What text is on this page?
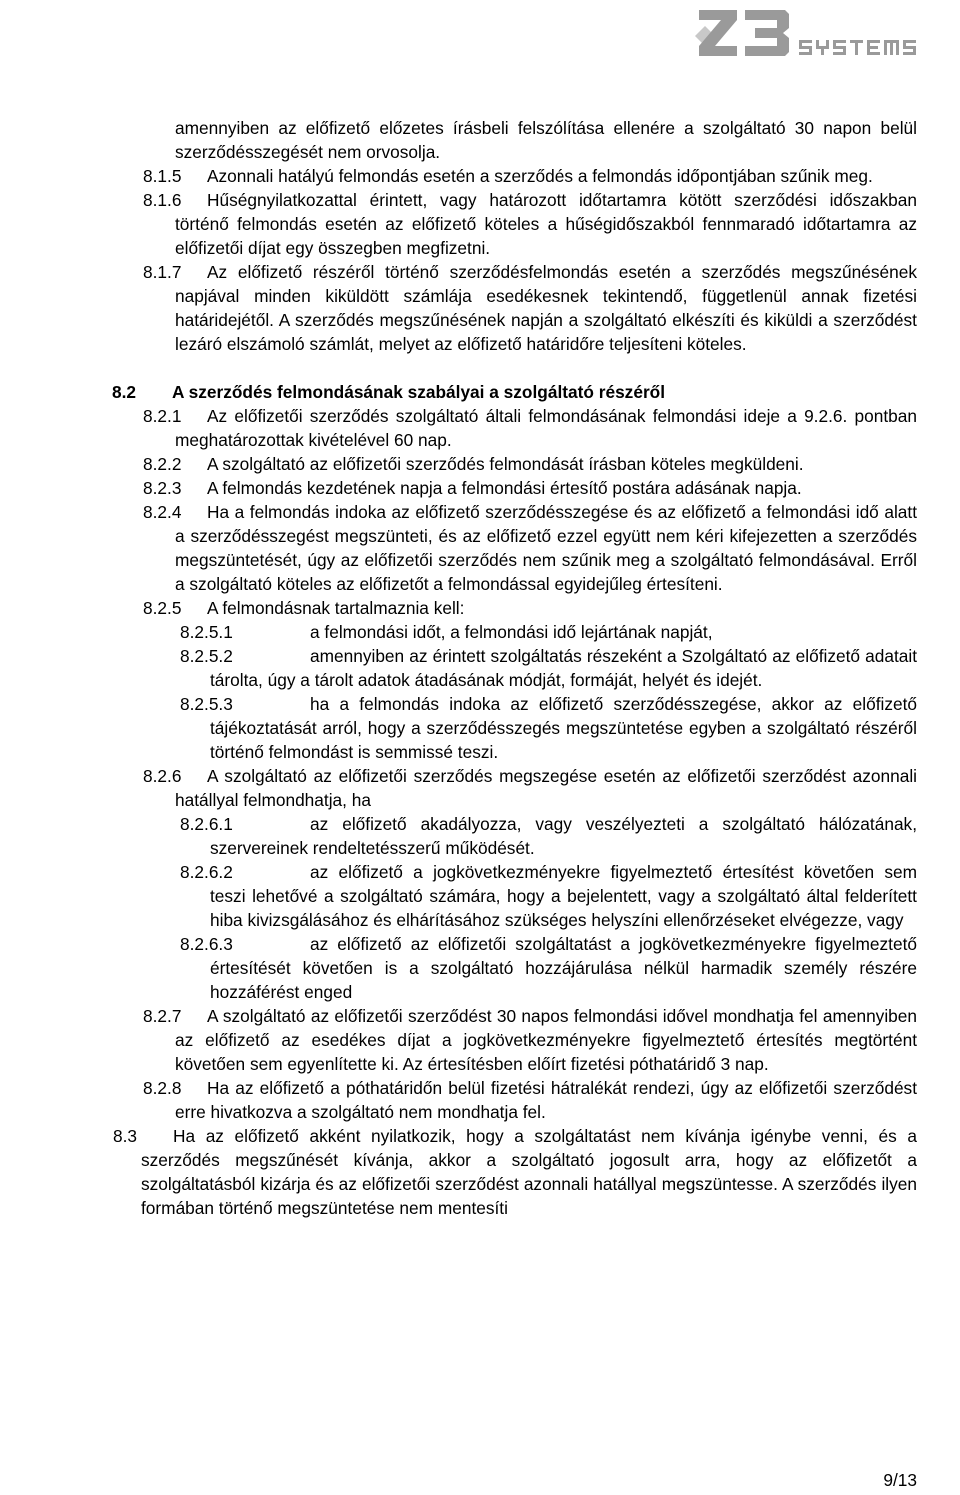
amennyiben az előfizető előzetes írásbeli felszólítása ellenére a szolgáltató 30 napon belül szerződésszegését nem orvosolja.
8.1.5 Azonnali hatályú felmondás esetén a szerződés a felmondás időpontjában szűnik meg.
8.1.6 Hűségnyilatkozattal érintett, vagy határozott időtartamra kötött szerződési időszakban történő felmondás esetén az előfizető köteles a hűségidőszakból fennmaradó időtartamra az előfizetői díjat egy összegben megfizetni.
8.1.7 Az előfizető részéről történő szerződésfelmondás esetén a szerződés megszűnésének napjával minden kiküldött számlája esedékesnek tekintendő, függetlenül annak fizetési határidejétől. A szerződés megszűnésének napján a szolgáltató elkészíti és kiküldi a szerződést lezáró elszámoló számlát, melyet az előfizető határidőre teljesíteni köteles.
8.2 A szerződés felmondásának szabályai a szolgáltató részéről
8.2.1 Az előfizetői szerződés szolgáltató általi felmondásának felmondási ideje a 9.2.6. pontban meghatározottak kivételével 60 nap.
8.2.2 A szolgáltató az előfizetői szerződés felmondását írásban köteles megküldeni.
8.2.3 A felmondás kezdetének napja a felmondási értesítő postára adásának napja.
8.2.4 Ha a felmondás indoka az előfizető szerződésszegése és az előfizető a felmondási idő alatt a szerződésszegést megszünteti, és az előfizető ezzel együtt nem kéri kifejezetten a szerződés megszüntetését, úgy az előfizetői szerződés nem szűnik meg a szolgáltató felmondásával. Erről a szolgáltató köteles az előfizetőt a felmondással egyidejűleg értesíteni.
8.2.5 A felmondásnak tartalmaznia kell:
8.2.5.1	a felmondási időt, a felmondási idő lejártának napját,
8.2.5.2	amennyiben az érintett szolgáltatás részeként a Szolgáltató az előfizető adatait tárolta, úgy a tárolt adatok átadásának módját, formáját, helyét és idejét.
8.2.5.3	ha a felmondás indoka az előfizető szerződésszegése, akkor az előfizető tájékoztatását arról, hogy a szerződésszegés megszüntetése egyben a szolgáltató részéről történő felmondást is semmissé teszi.
8.2.6 A szolgáltató az előfizetői szerződés megszegése esetén az előfizetői szerződést azonnali hatállyal felmondhatja, ha
8.2.6.1	az előfizető akadályozza, vagy veszélyezteti a szolgáltató hálózatának, szervereinek rendeltetésszerű működését.
8.2.6.2	az előfizető a jogkövetkezményekre figyelmeztető értesítést követően sem teszi lehetővé a szolgáltató számára, hogy a bejelentett, vagy a szolgáltató által felderített hiba kivizsgálásához és elhárításához szükséges helyszíni ellenőrzéseket elvégezze, vagy
8.2.6.3	az előfizető az előfizetői szolgáltatást a jogkövetkezményekre figyelmeztető értesítését követően is a szolgáltató hozzájárulása nélkül harmadik személy részére hozzáférést enged
8.2.7 A szolgáltató az előfizetői szerződést 30 napos felmondási idővel mondhatja fel amennyiben az előfizető az esedékes díjat a jogkövetkezményekre figyelmeztető értesítés megtörtént követően sem egyenlítette ki. Az értesítésben előírt fizetési póthatáridő 3 nap.
8.2.8 Ha az előfizető a póthatáridőn belül fizetési hátralékát rendezi, úgy az előfizetői szerződést erre hivatkozva a szolgáltató nem mondhatja fel.
8.3 Ha az előfizető akként nyilatkozik, hogy a szolgáltatást nem kívánja igénybe venni, és a szerződés megszűnését kívánja, akkor a szolgáltató jogosult arra, hogy az előfizetőt a szolgáltatásból kizárja és az előfizetői szerződést azonnali hatállyal megszüntesse. A szerződés ilyen formában történő megszüntetése nem mentesíti
9/13
